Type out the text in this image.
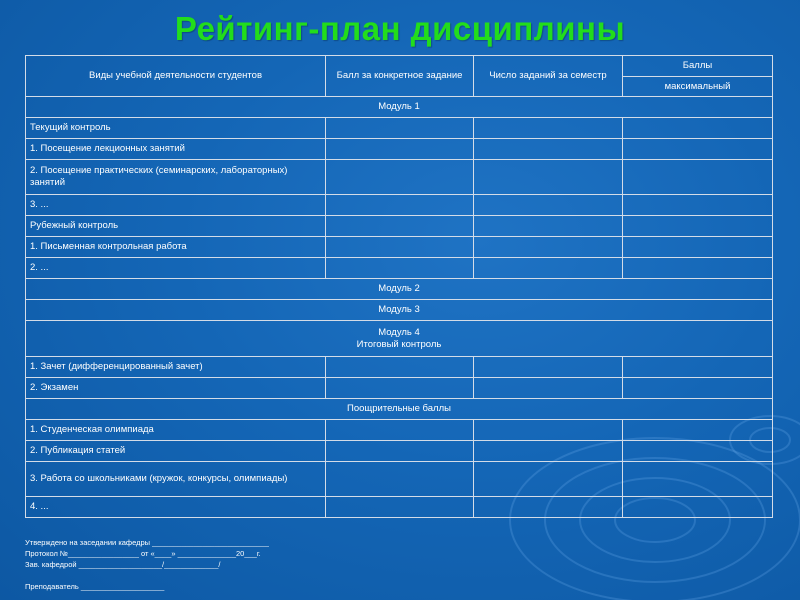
Рейтинг-план дисциплины
Виды учебной деятельности студентов	Балл за конкретное задание	Число заданий за семестр	Баллы
			максимальный
Модуль 1			
Текущий контроль			
1. Посещение лекционных занятий			
2. Посещение практических (семинарских, лабораторных) занятий			
3. ...			
Рубежный контроль			
1. Письменная контрольная работа			
2. ...			
Модуль 2			
Модуль 3			

Модуль 4
Итоговый контроль			

1. Зачет (дифференцированный зачет)			
2. Экзамен			
Поощрительные баллы			
1. Студенческая олимпиада			
2. Публикация статей			
3. Работа со школьниками (кружок, конкурсы, олимпиады)			
4. ...			
Утверждено на заседании кафедры ____________________________
Протокол №_________________ от «____» ______________20___г.
Зав. кафедрой ____________________/_____________/
Преподаватель ____________________
